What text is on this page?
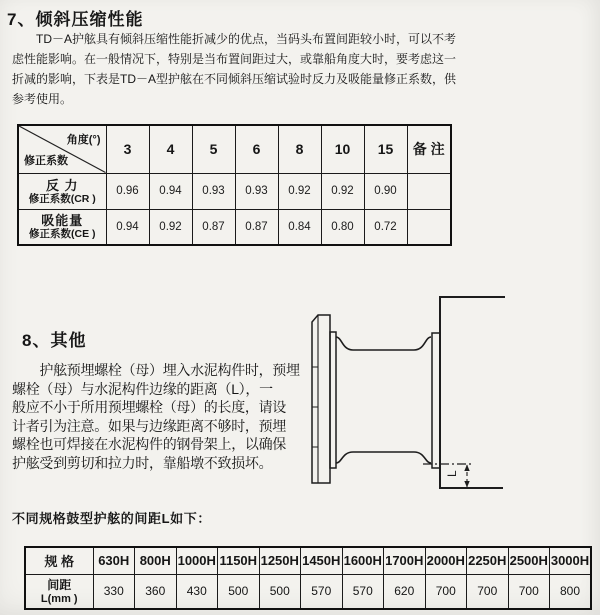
7、倾斜压缩性能
　　TD－A护舷具有倾斜压缩性能折减少的优点，当码头布置间距较小时，可以不考
虑性能影响。在一般情况下，特别是当布置间距过大，或靠船角度大时，要考虑这一
折减的影响，下表是TD－A型护舷在不同倾斜压缩试验时反力及吸能量修正系数，供
参考使用。
角度(°)
修正系数	3	4	5	6	8	10	15	备 注

反 力
修正系数(CR )	0.96	0.94	0.93	0.93	0.92	0.92	0.90	

吸能量
修正系数(CE )	0.94	0.92	0.87	0.87	0.84	0.80	0.72	
8、其他
　　护舷预埋螺栓（母）埋入水泥构件时，预埋
螺栓（母）与水泥构件边缘的距离（L），一
般应不小于所用预埋螺栓（母）的长度，请设
计者引为注意。如果与边缘距离不够时，预埋
螺栓也可焊接在水泥构件的钢骨架上，以确保
护舷受到剪切和拉力时，靠船墩不致损坏。
L
不同规格鼓型护舷的间距L如下：
规 格	630H	800H	1000H	1150H	1250H	1450H	1600H	1700H	2000H	2250H	2500H	3000H

间距
L(mm )	330	360	430	500	500	570	570	620	700	700	700	800
